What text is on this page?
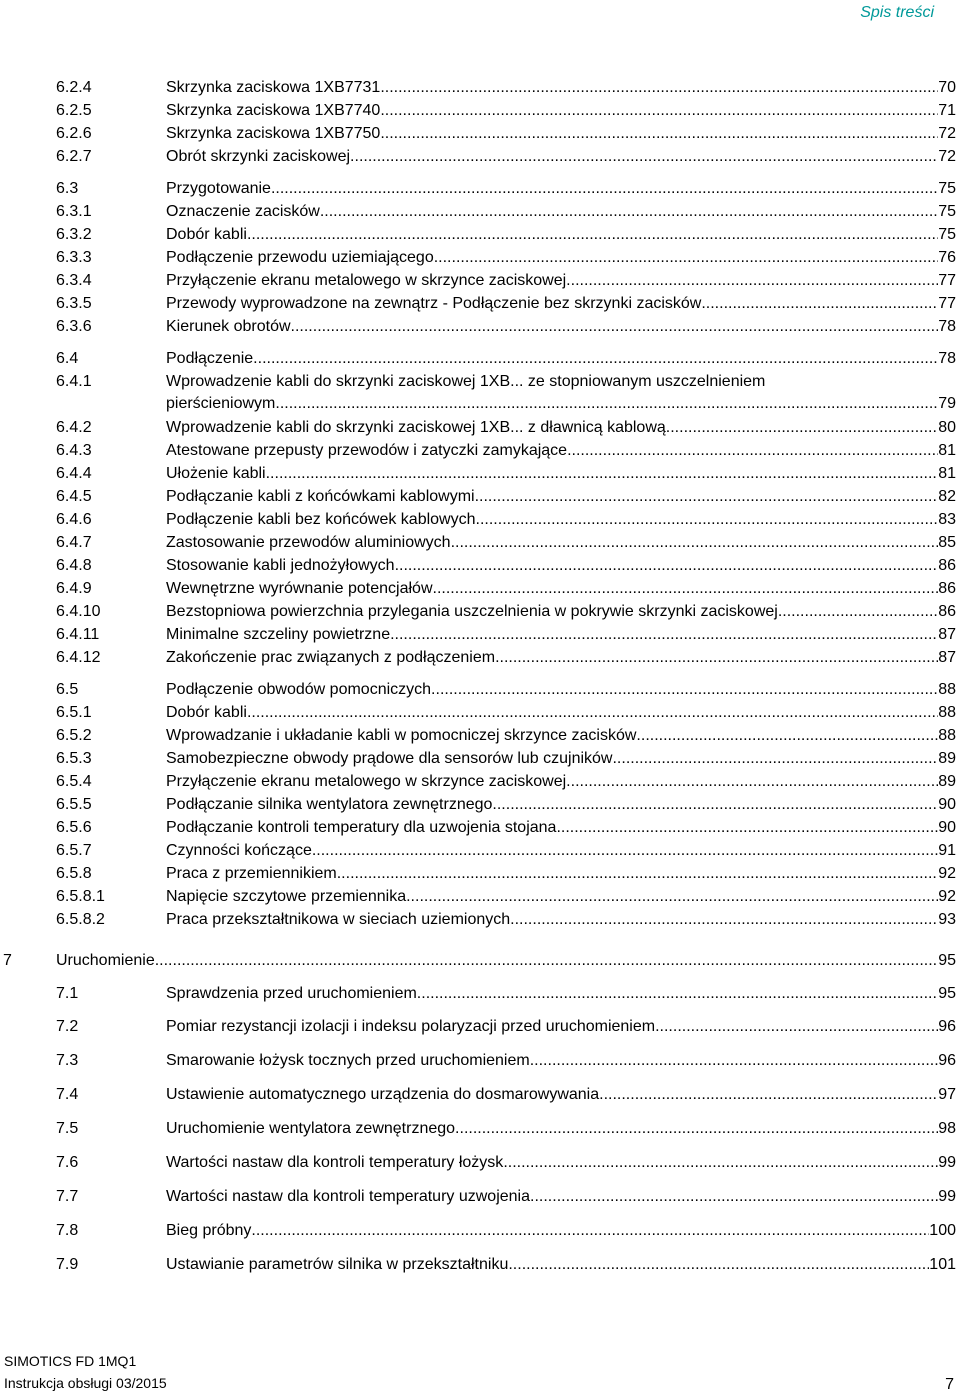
Spis treści
6.2.4	Skrzynka zaciskowa 1XB7731 .....	70
6.2.5	Skrzynka zaciskowa 1XB7740 .....	71
6.2.6	Skrzynka zaciskowa 1XB7750 .....	72
6.2.7	Obrót skrzynki zaciskowej .....	72
6.3	Przygotowanie .....	75
6.3.1	Oznaczenie zacisków .....	75
6.3.2	Dobór kabli .....	75
6.3.3	Podłączenie przewodu uziemiającego .....	76
6.3.4	Przyłączenie ekranu metalowego w skrzynce zaciskowej .....	77
6.3.5	Przewody wyprowadzone na zewnątrz - Podłączenie bez skrzynki zacisków .....	77
6.3.6	Kierunek obrotów .....	78
6.4	Podłączenie .....	78
6.4.1	Wprowadzenie kabli do skrzynki zaciskowej 1XB... ze stopniowanym uszczelnieniem
pierścieniowym .....	79
6.4.2	Wprowadzenie kabli do skrzynki zaciskowej 1XB... z dławnicą kablową .....	80
6.4.3	Atestowane przepusty przewodów i zatyczki zamykające .....	81
6.4.4	Ułożenie kabli .....	81
6.4.5	Podłączanie kabli z końcówkami kablowymi .....	82
6.4.6	Podłączenie kabli bez końcówek kablowych .....	83
6.4.7	Zastosowanie przewodów aluminiowych .....	85
6.4.8	Stosowanie kabli jednożyłowych .....	86
6.4.9	Wewnętrzne wyrównanie potencjałów .....	86
6.4.10	Bezstopniowa powierzchnia przylegania uszczelnienia w pokrywie skrzynki zaciskowej .....	86
6.4.11	Minimalne szczeliny powietrzne .....	87
6.4.12	Zakończenie prac związanych z podłączeniem .....	87
6.5	Podłączenie obwodów pomocniczych .....	88
6.5.1	Dobór kabli .....	88
6.5.2	Wprowadzanie i układanie kabli w pomocniczej skrzynce zacisków .....	88
6.5.3	Samobezpieczne obwody prądowe dla sensorów lub czujników .....	89
6.5.4	Przyłączenie ekranu metalowego w skrzynce zaciskowej .....	89
6.5.5	Podłączanie silnika wentylatora zewnętrznego .....	90
6.5.6	Podłączanie kontroli temperatury dla uzwojenia stojana .....	90
6.5.7	Czynności kończące .....	91
6.5.8	Praca z przemiennikiem .....	92
6.5.8.1	Napięcie szczytowe przemiennika .....	92
6.5.8.2	Praca przekształtnikowa w sieciach uziemionych .....	93
7	Uruchomienie .....	95
7.1	Sprawdzenia przed uruchomieniem .....	95
7.2	Pomiar rezystancji izolacji i indeksu polaryzacji przed uruchomieniem .....	96
7.3	Smarowanie łożysk tocznych przed uruchomieniem .....	96
7.4	Ustawienie automatycznego urządzenia do dosmarowywania .....	97
7.5	Uruchomienie wentylatora zewnętrznego .....	98
7.6	Wartości nastaw dla kontroli temperatury łożysk .....	99
7.7	Wartości nastaw dla kontroli temperatury uzwojenia .....	99
7.8	Bieg próbny .....	100
7.9	Ustawianie parametrów silnika w przekształtniku .....	101
SIMOTICS FD 1MQ1
Instrukcja obsługi 03/2015	7
